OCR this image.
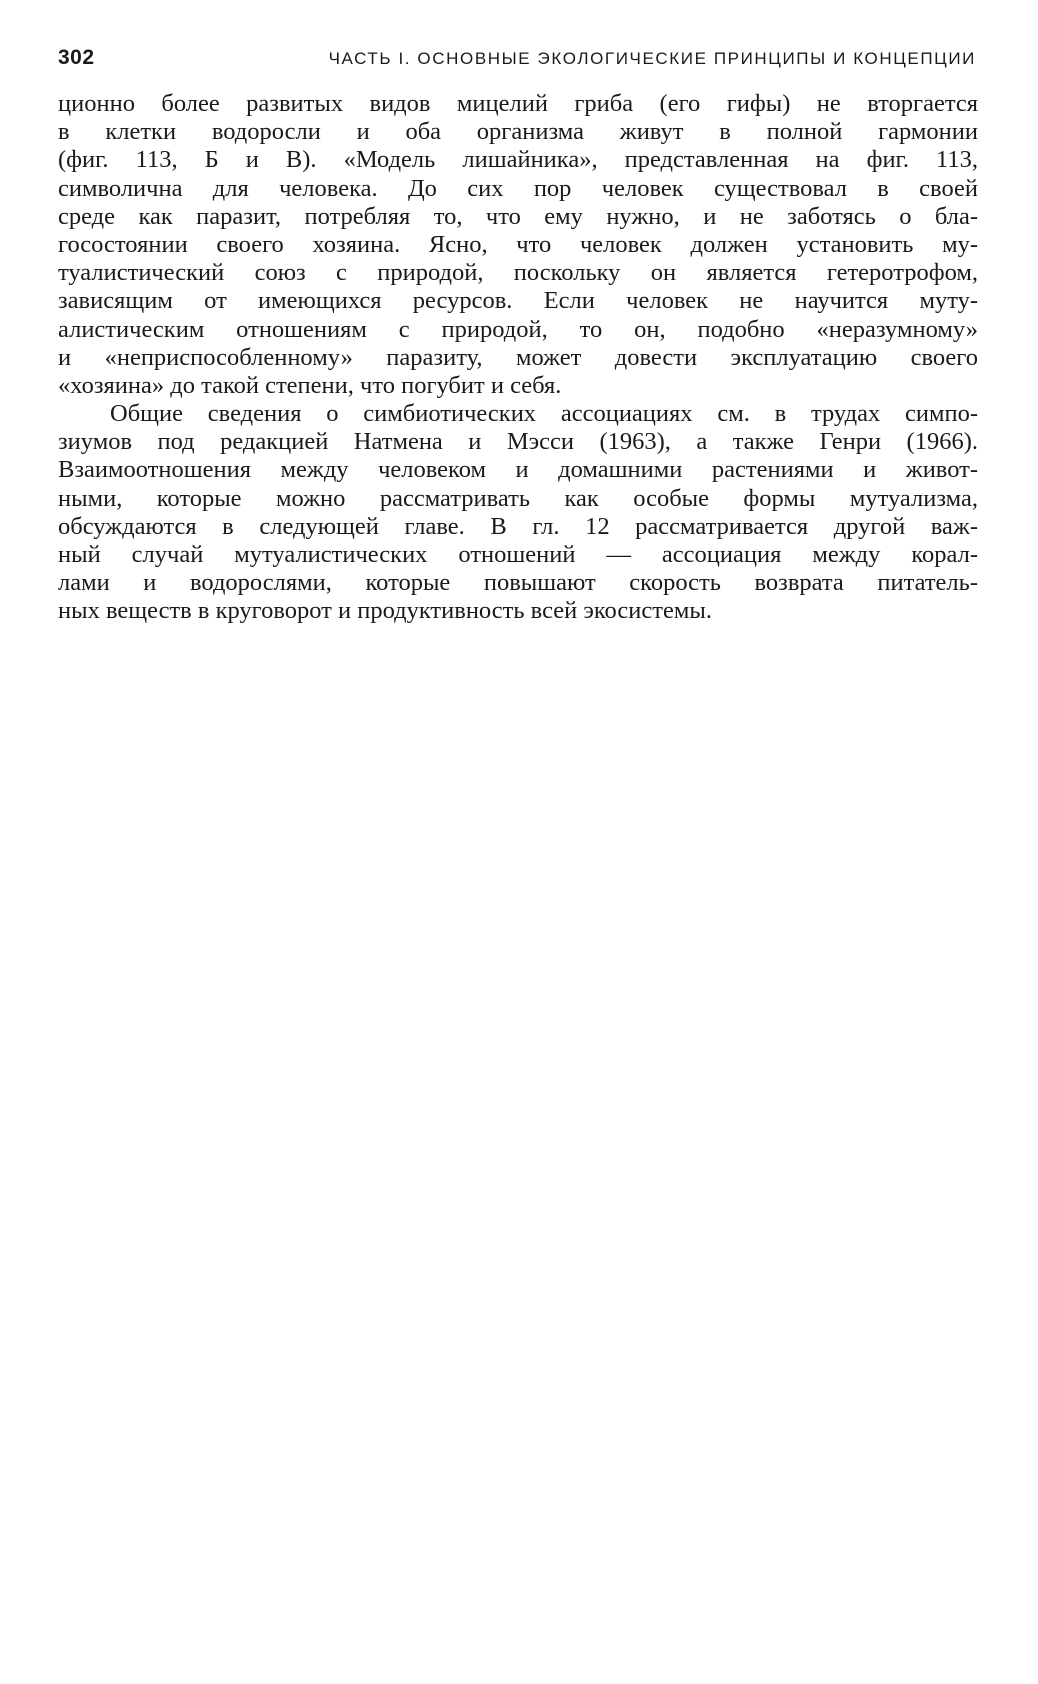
302	ЧАСТЬ I. ОСНОВНЫЕ ЭКОЛОГИЧЕСКИЕ ПРИНЦИПЫ И КОНЦЕПЦИИ
ционно более развитых видов мицелий гриба (его гифы) не вторгается
в клетки водоросли и оба организма живут в полной гармонии
(фиг. 113, Б и В). «Модель лишайника», представленная на фиг. 113,
символична для человека. До сих пор человек существовал в своей
среде как паразит, потребляя то, что ему нужно, и не заботясь о бла-
госостоянии своего хозяина. Ясно, что человек должен установить му-
туалистический союз с природой, поскольку он является гетеротрофом,
зависящим от имеющихся ресурсов. Если человек не научится муту-
алистическим отношениям с природой, то он, подобно «неразумному»
и «неприспособленному» паразиту, может довести эксплуатацию своего
«хозяина» до такой степени, что погубит и себя.
Общие сведения о симбиотических ассоциациях см. в трудах симпо-
зиумов под редакцией Натмена и Мэсси (1963), а также Генри (1966).
Взаимоотношения между человеком и домашними растениями и живот-
ными, которые можно рассматривать как особые формы мутуализма,
обсуждаются в следующей главе. В гл. 12 рассматривается другой важ-
ный случай мутуалистических отношений — ассоциация между корал-
лами и водорослями, которые повышают скорость возврата питатель-
ных веществ в круговорот и продуктивность всей экосистемы.
